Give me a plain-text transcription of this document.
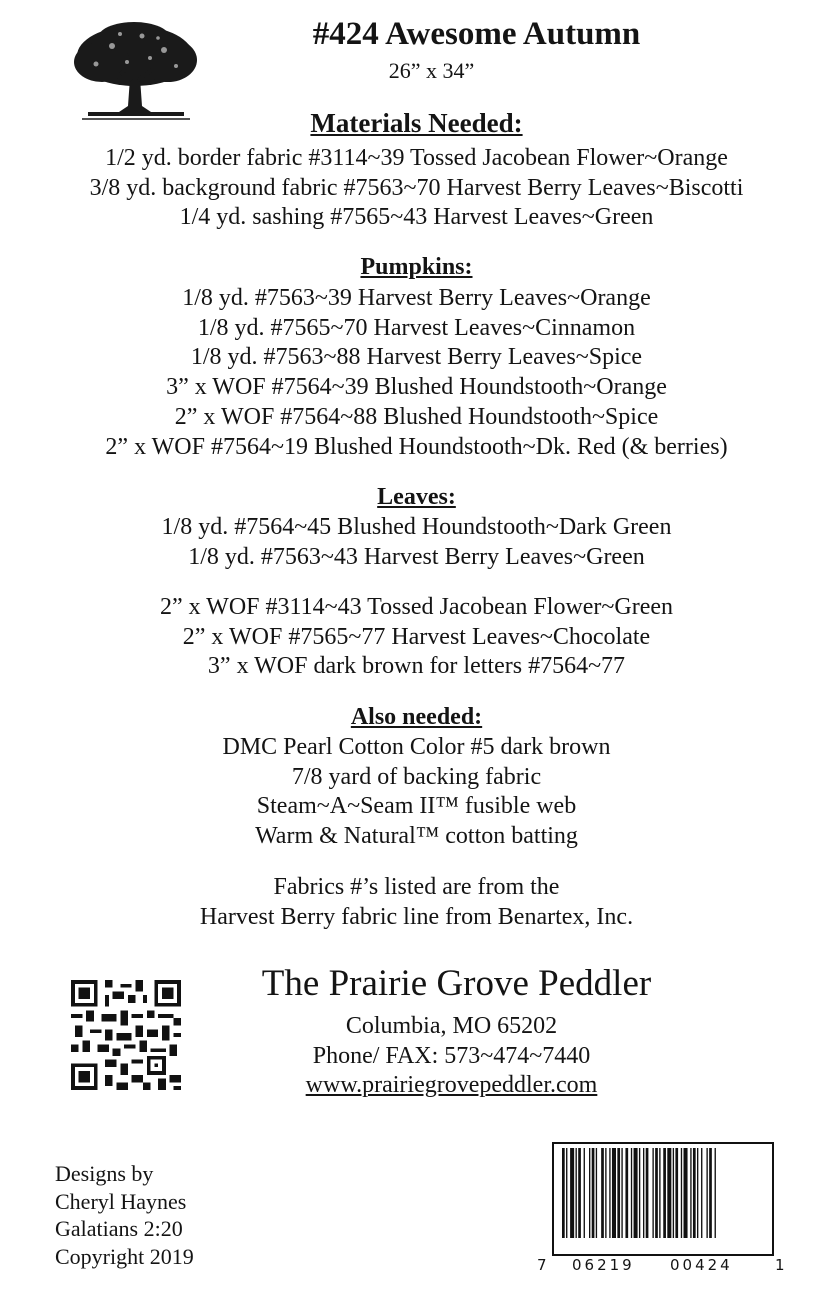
#424 Awesome Autumn
26” x 34”
Materials Needed:
1/2 yd. border fabric #3114~39 Tossed Jacobean Flower~Orange
3/8 yd. background fabric #7563~70 Harvest Berry Leaves~Biscotti
1/4 yd. sashing #7565~43 Harvest Leaves~Green
Pumpkins:
1/8 yd. #7563~39 Harvest Berry Leaves~Orange
1/8 yd. #7565~70 Harvest Leaves~Cinnamon
1/8 yd. #7563~88 Harvest Berry Leaves~Spice
3” x WOF #7564~39 Blushed Houndstooth~Orange
2” x WOF #7564~88 Blushed Houndstooth~Spice
2” x WOF #7564~19 Blushed Houndstooth~Dk. Red (& berries)
Leaves:
1/8 yd. #7564~45 Blushed Houndstooth~Dark Green
1/8 yd. #7563~43 Harvest Berry Leaves~Green
2” x WOF #3114~43 Tossed Jacobean Flower~Green
2” x WOF #7565~77 Harvest Leaves~Chocolate
3” x WOF dark brown for letters #7564~77
Also needed:
DMC Pearl Cotton Color #5 dark brown
7/8 yard of backing fabric
Steam~A~Seam II™ fusible web
Warm & Natural™ cotton batting
Fabrics #’s listed are from the
Harvest Berry fabric line from Benartex, Inc.
The Prairie Grove Peddler
Columbia, MO 65202
Phone/ FAX: 573~474~7440
www.prairiegrovepeddler.com
Designs by
Cheryl Haynes
Galatians 2:20
Copyright 2019	7 06219 00424	1
